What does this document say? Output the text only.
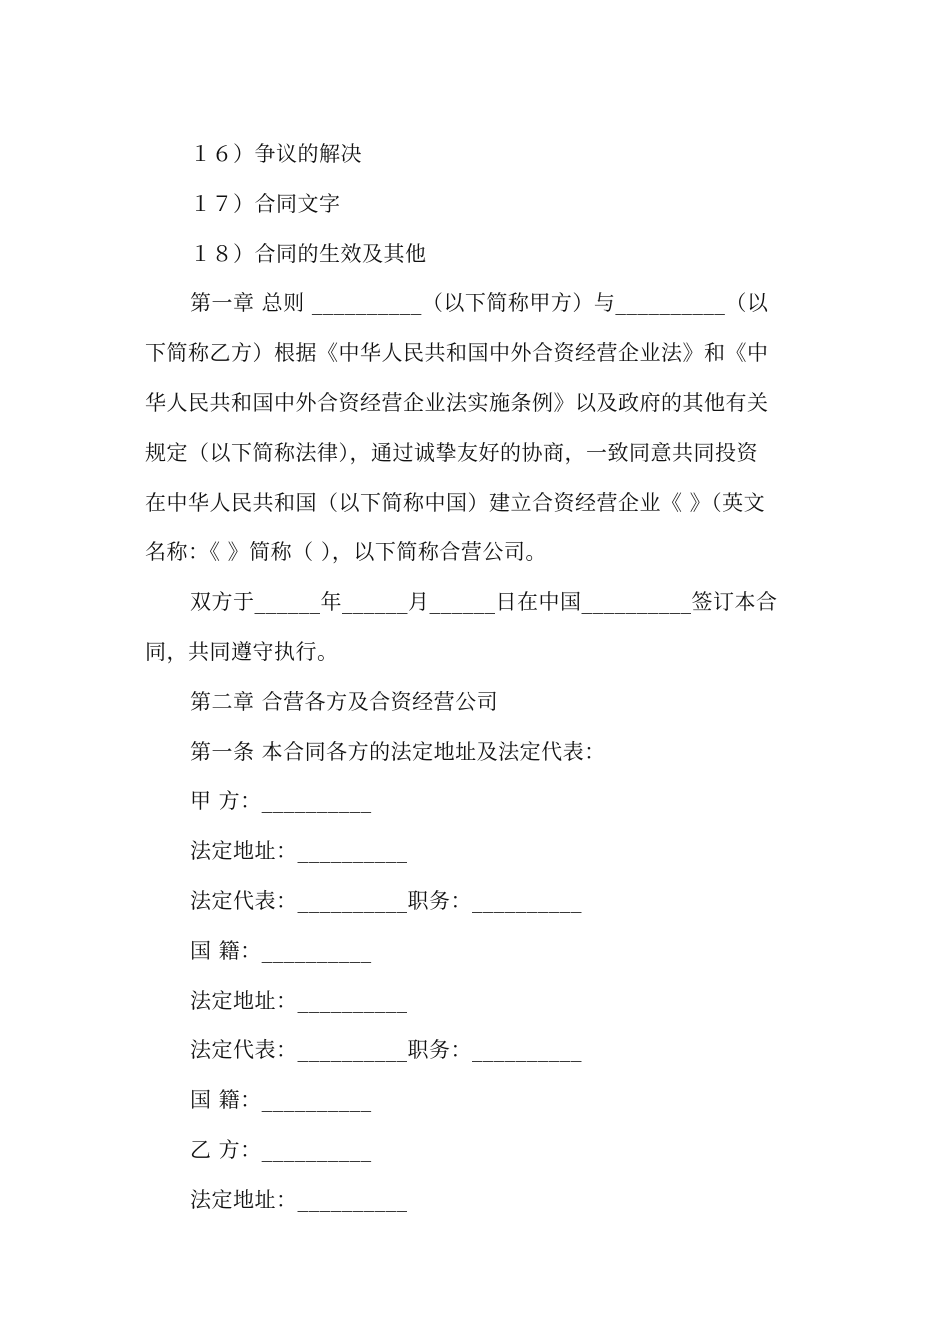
１６）争议的解决
１７）合同文字
１８）合同的生效及其他
第一章 总则 __________（以下简称甲方）与__________（以
下简称乙方）根据《中华人民共和国中外合资经营企业法》和《中
华人民共和国中外合资经营企业法实施条例》以及政府的其他有关
规定（以下简称法律），通过诚挚友好的协商，一致同意共同投资
在中华人民共和国（以下简称中国）建立合资经营企业《 》（英文
名称：《 》简称（ ），以下简称合营公司。
双方于______年______月______日在中国__________签订本合
同，共同遵守执行。
第二章 合营各方及合资经营公司
第一条 本合同各方的法定地址及法定代表：
甲 方：__________
法定地址：__________
法定代表：__________职务：__________
国 籍：__________
法定地址：__________
法定代表：__________职务：__________
国 籍：__________
乙 方：__________
法定地址：__________
